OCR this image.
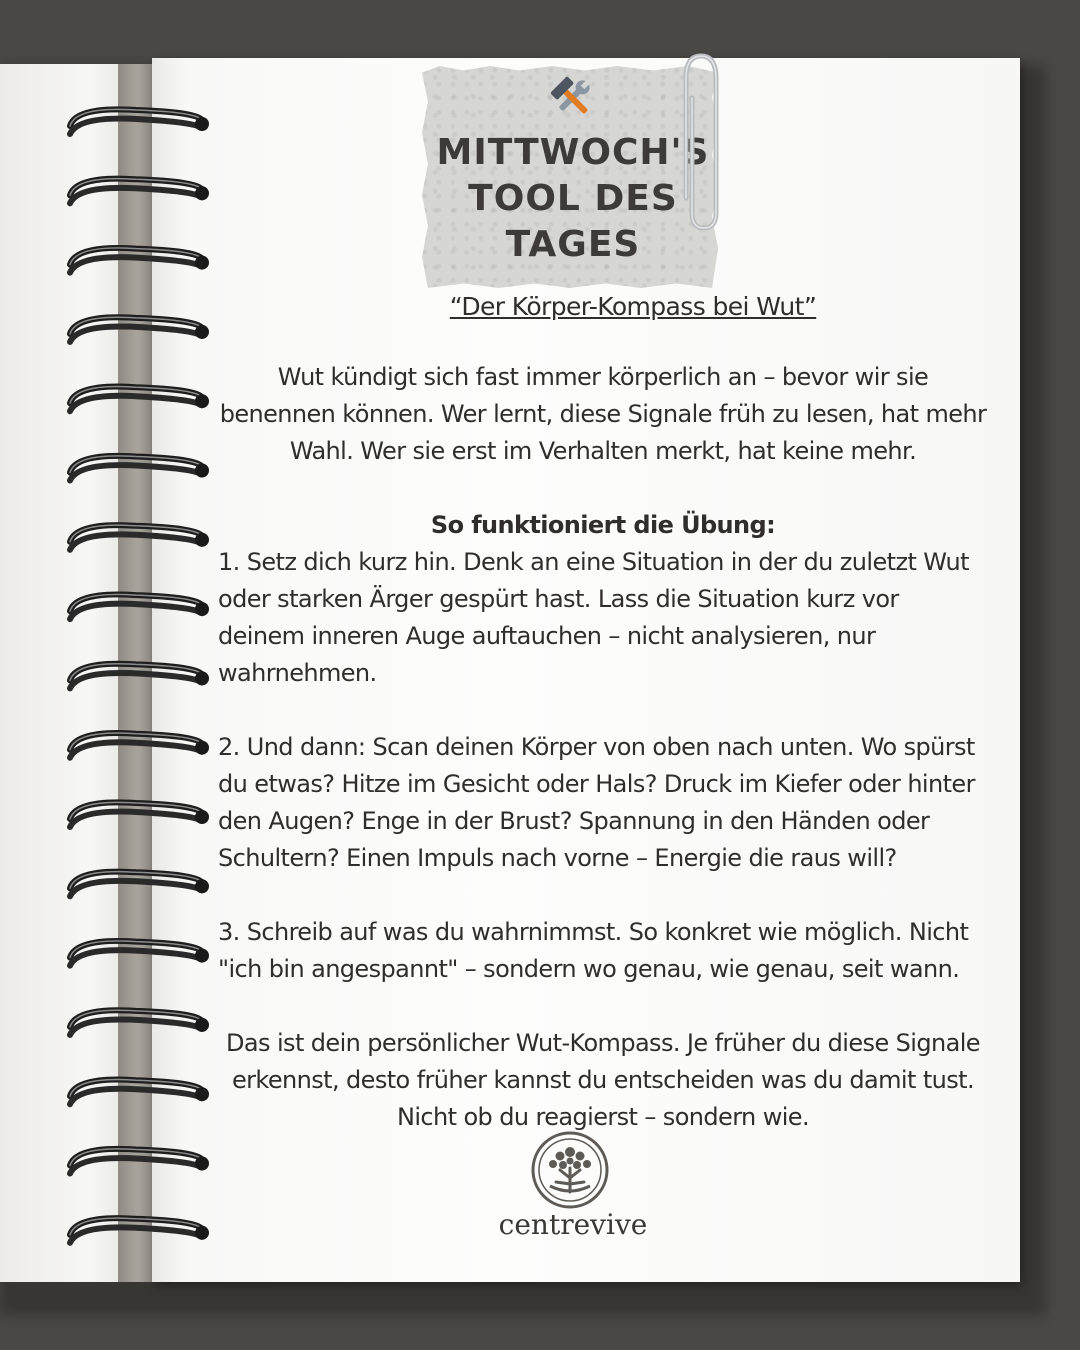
MITTWOCH'S
TOOL DES
TAGES
“Der Körper-Kompass bei Wut”

Wut kündigt sich fast immer körperlich an – bevor wir sie benennen können. Wer lernt, diese Signale früh zu lesen, hat mehr Wahl. Wer sie erst im Verhalten merkt, hat keine mehr.

So funktioniert die Übung:

1. Setz dich kurz hin. Denk an eine Situation in der du zuletzt Wut oder starken Ärger gespürt hast. Lass die Situation kurz vor deinem inneren Auge auftauchen – nicht analysieren, nur wahrnehmen.

2. Und dann: Scan deinen Körper von oben nach unten. Wo spürst du etwas? Hitze im Gesicht oder Hals? Druck im Kiefer oder hinter den Augen? Enge in der Brust? Spannung in den Händen oder Schultern? Einen Impuls nach vorne – Energie die raus will?

3. Schreib auf was du wahrnimmst. So konkret wie möglich. Nicht "ich bin angespannt" – sondern wo genau, wie genau, seit wann.

Das ist dein persönlicher Wut-Kompass. Je früher du diese Signale erkennst, desto früher kannst du entscheiden was du damit tust. Nicht ob du reagierst – sondern wie.

centrevive
